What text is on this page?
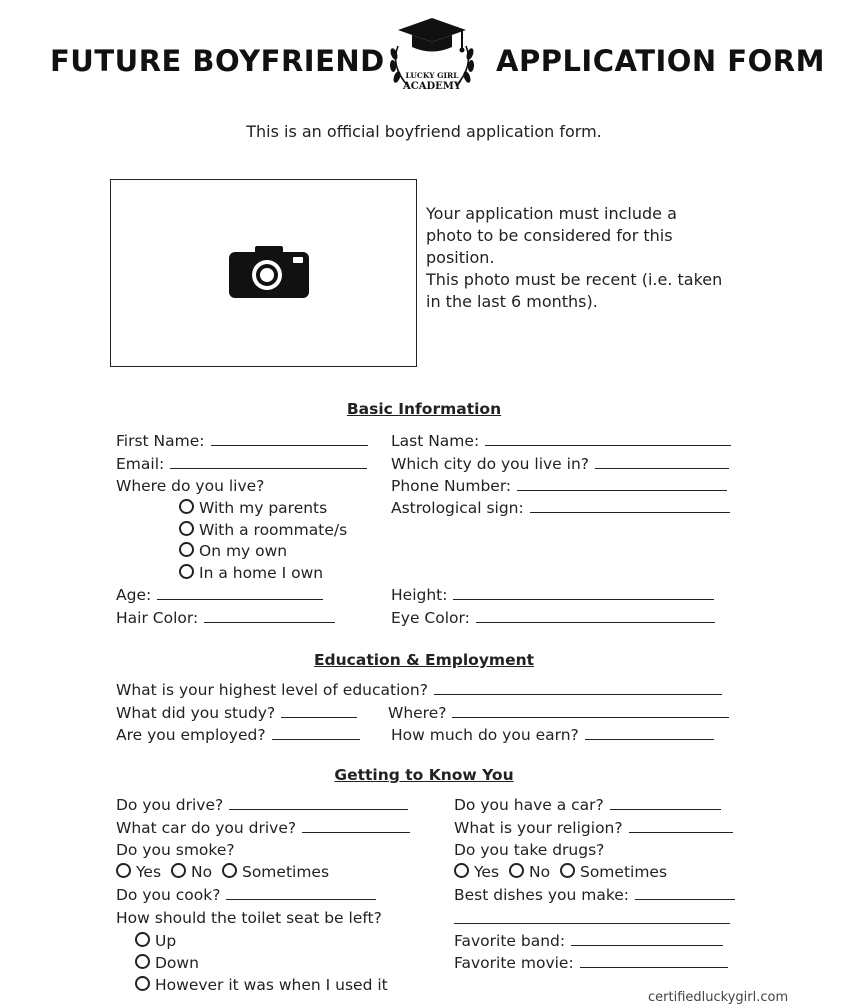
FUTURE BOYFRIEND	LUCKY GIRL
ACADEMY
APPLICATION FORM
This is an official boyfriend application form.
Your application must include a
photo to be considered for this
position.
This photo must be recent (i.e. taken
in the last 6 months).
Basic Information
First Name:	Last Name:
Email:	Which city do you live in?
Where do you live?	Phone Number:
Astrological sign:
With my parents
With a roommate/s
On my own
In a home I own
Age:	Height:
Hair Color:	Eye Color:
Education & Employment
What is your highest level of education?
What did you study?	Where?
Are you employed?	How much do you earn?
Getting to Know You
Do you drive?	Do you have a car?
What car do you drive?	What is your religion?
Do you smoke?	Do you take drugs?
Yes No Sometimes	Yes No Sometimes
Do you cook?	Best dishes you make:
How should the toilet seat be left?
Up	Favorite band:
Down	Favorite movie:
However it was when I used it
certifiedluckygirl.com
